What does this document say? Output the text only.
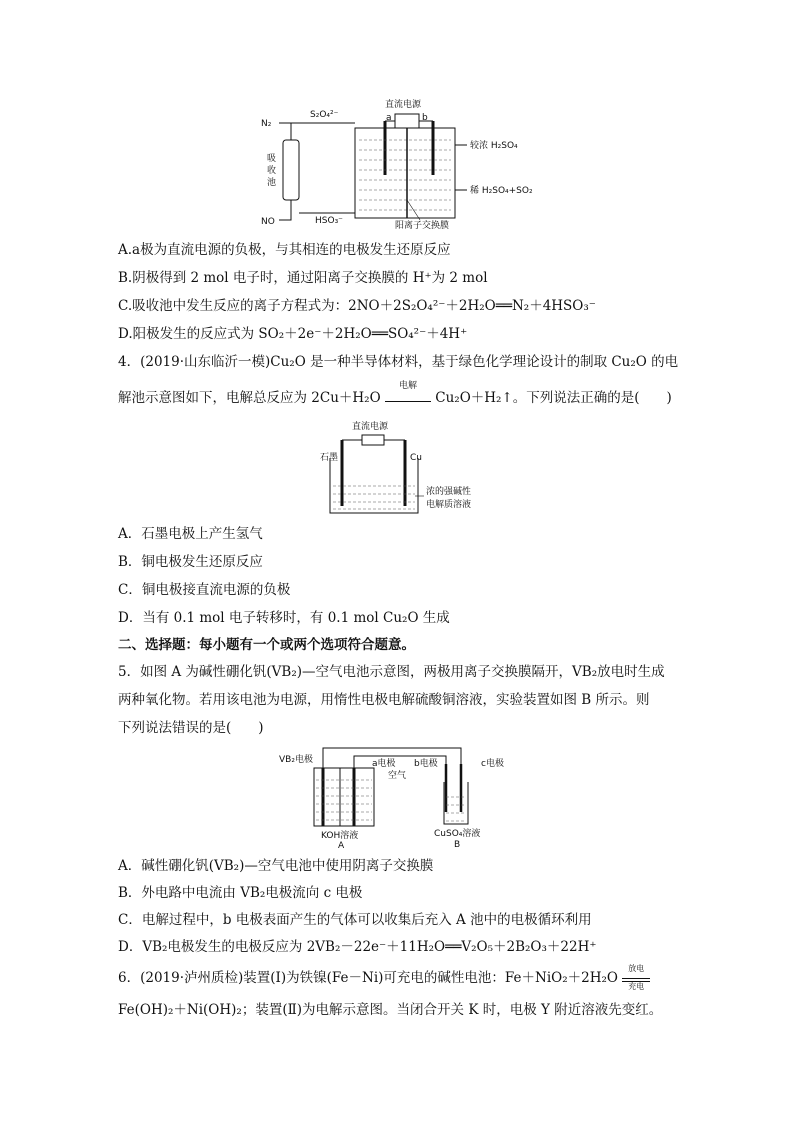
直流电源
a	b
阳离子交换膜
较浓 H₂SO₄
稀 H₂SO₄+SO₂
吸
收
池
N₂
S₂O₄²⁻
NO	HSO₃⁻
A.a极为直流电源的负极，与其相连的电极发生还原反应
B.阴极得到 2 mol 电子时，通过阳离子交换膜的 H⁺为 2 mol
C.吸收池中发生反应的离子方程式为：2NO＋2S₂O₄²⁻＋2H₂O══N₂＋4HSO₃⁻
D.阳极发生的反应式为 SO₂＋2e⁻＋2H₂O══SO₄²⁻＋4H⁺
4．(2019·山东临沂一模)Cu₂O 是一种半导体材料，基于绿色化学理论设计的制取 Cu₂O 的电
解池示意图如下，电解总反应为 2Cu＋H₂O
电解
Cu₂O＋H₂↑。下列说法正确的是(　　)
直流电源
石墨	Cu
浓的强碱性
电解质溶液
A．石墨电极上产生氢气
B．铜电极发生还原反应
C．铜电极接直流电源的负极
D．当有 0.1 mol 电子转移时，有 0.1 mol Cu₂O 生成
二、选择题：每小题有一个或两个选项符合题意。
5．如图 A 为碱性硼化钒(VB₂)—空气电池示意图，两极用离子交换膜隔开，VB₂放电时生成
两种氧化物。若用该电池为电源，用惰性电极电解硫酸铜溶液，实验装置如图 B 所示。则
下列说法错误的是(　　)
VB₂电极	a电极 b电极	c电极
空气
KOH溶液
A
CuSO₄溶液
B
A．碱性硼化钒(VB₂)—空气电池中使用阴离子交换膜
B．外电路中电流由 VB₂电极流向 c 电极
C．电解过程中，b 电极表面产生的气体可以收集后充入 A 池中的电极循环利用
D．VB₂电极发生的电极反应为 2VB₂－22e⁻＋11H₂O══V₂O₅＋2B₂O₃＋22H⁺
6．(2019·泸州质检)装置(Ⅰ)为铁镍(Fe－Ni)可充电的碱性电池：Fe＋NiO₂＋2H₂O
放电
充电
Fe(OH)₂＋Ni(OH)₂；装置(Ⅱ)为电解示意图。当闭合开关 K 时，电极 Y 附近溶液先变红。
